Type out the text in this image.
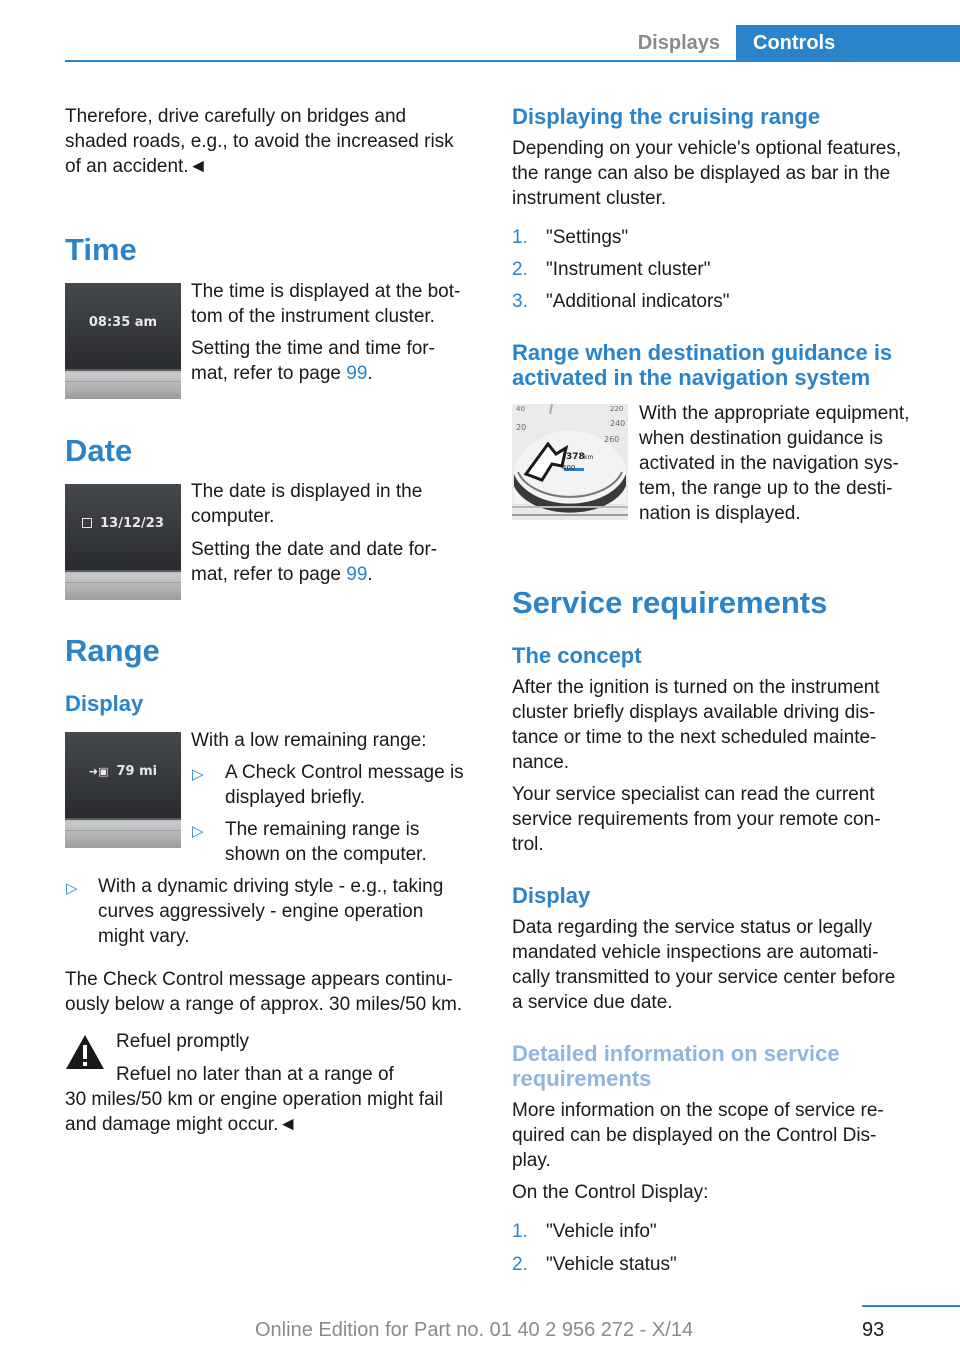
Displays	Controls
Therefore, drive carefully on bridges and
shaded roads, e.g., to avoid the increased risk
of an accident.◄
Time
08:35 am
The time is displayed at the bot-
tom of the instrument cluster.
Setting the time and time for-
mat, refer to page 99.
Date
13/12/23
The date is displayed in the
computer.
Setting the date and date for-
mat, refer to page 99.
Range
Display
➜▣ 79 mi
With a low remaining range:
▷ A Check Control message is
displayed briefly.
▷ The remaining range is
shown on the computer.
▷ With a dynamic driving style - e.g., taking
curves aggressively - engine operation
might vary.
The Check Control message appears continu-
ously below a range of approx. 30 miles/50 km.
Refuel promptly
Refuel no later than at a range of
30 miles/50 km or engine operation might fail
and damage might occur.◄
Displaying the cruising range
Depending on your vehicle's optional features,
the range can also be displayed as bar in the
instrument cluster.
1. "Settings"
2. "Instrument cluster"
3. "Additional indicators"
Range when destination guidance is
activated in the navigation system
378 km
40
20
220
240
260
400
With the appropriate equipment,
when destination guidance is
activated in the navigation sys-
tem, the range up to the desti-
nation is displayed.
Service requirements
The concept
After the ignition is turned on the instrument
cluster briefly displays available driving dis-
tance or time to the next scheduled mainte-
nance.
Your service specialist can read the current
service requirements from your remote con-
trol.
Display
Data regarding the service status or legally
mandated vehicle inspections are automati-
cally transmitted to your service center before
a service due date.
Detailed information on service
requirements
More information on the scope of service re-
quired can be displayed on the Control Dis-
play.
On the Control Display:
1. "Vehicle info"
2. "Vehicle status"
93
Online Edition for Part no. 01 40 2 956 272 - X/14
